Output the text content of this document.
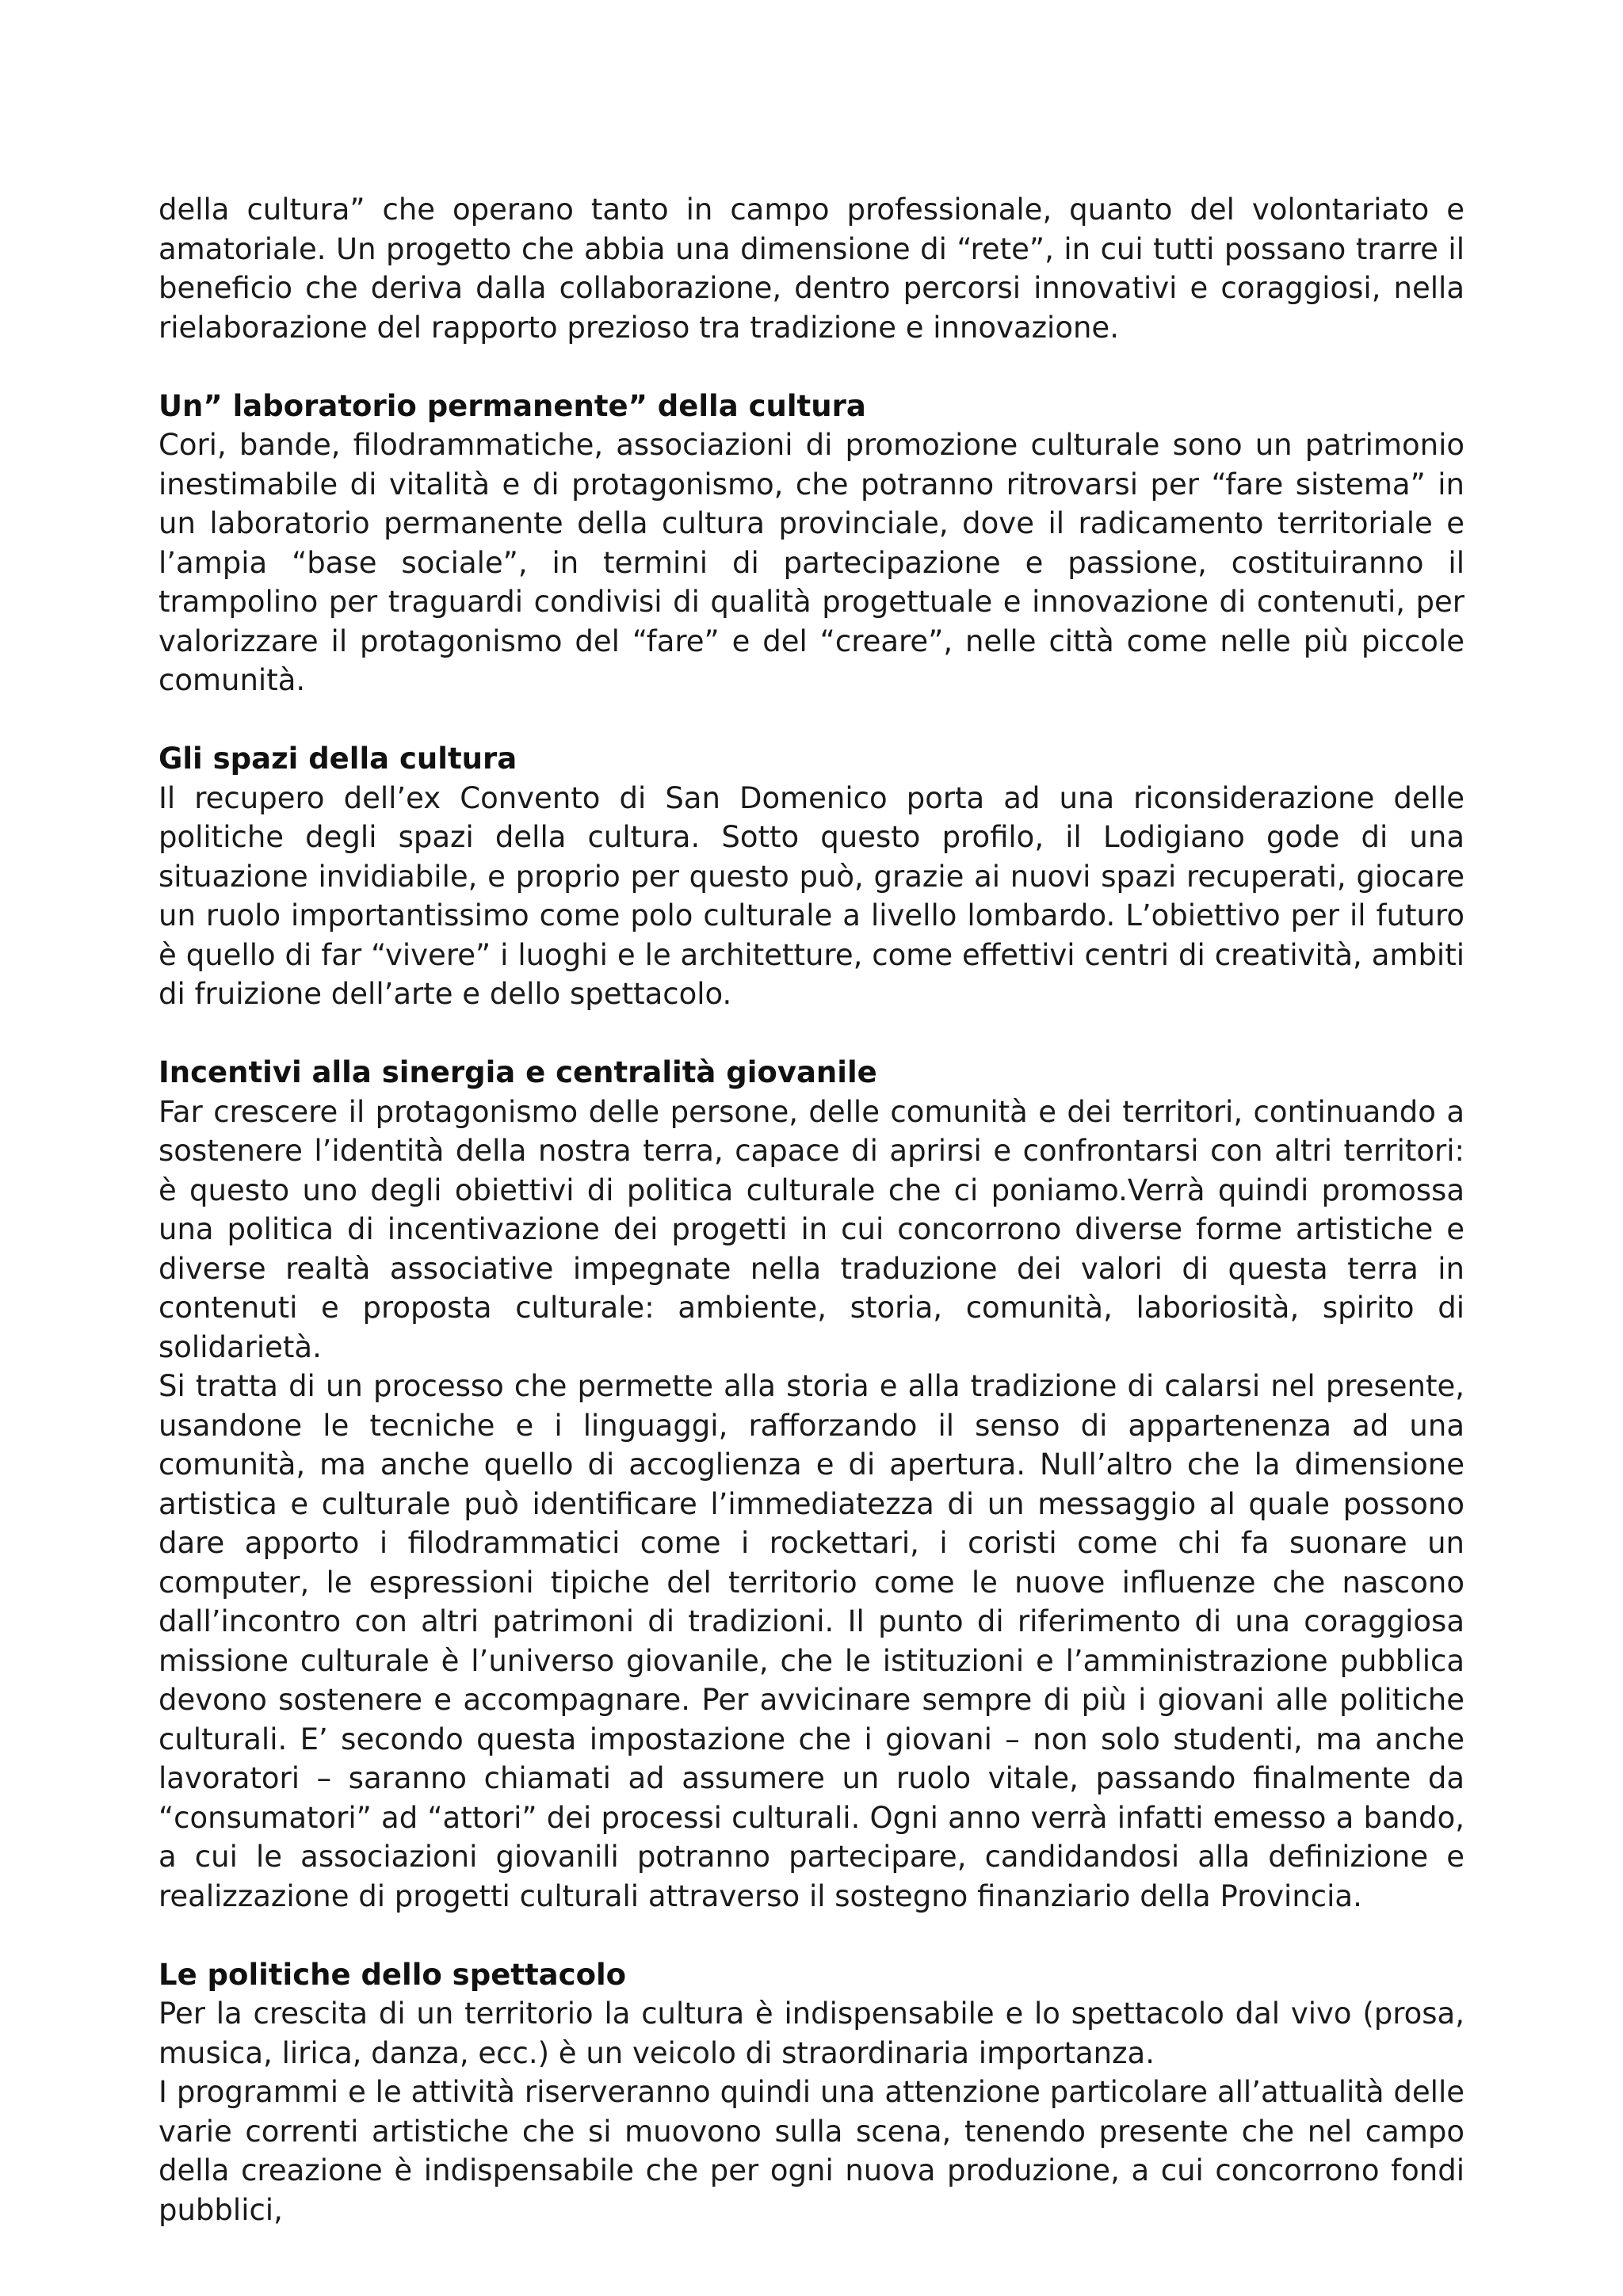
della cultura” che operano tanto in campo professionale, quanto del volontariato e amatoriale. Un progetto che abbia una dimensione di “rete”, in cui tutti possano trarre il beneficio che deriva dalla collaborazione, dentro percorsi innovativi e coraggiosi, nella rielaborazione del rapporto prezioso tra tradizione e innovazione.

Un” laboratorio permanente” della cultura

Cori, bande, filodrammatiche, associazioni di promozione culturale sono un patrimonio inestimabile di vitalità e di protagonismo, che potranno ritrovarsi per “fare sistema” in un laboratorio permanente della cultura provinciale, dove il radicamento territoriale e l’ampia “base sociale”, in termini di partecipazione e passione, costituiranno il trampolino per traguardi condivisi di qualità progettuale e innovazione di contenuti, per valorizzare il protagonismo del “fare” e del “creare”, nelle città come nelle più piccole comunità.

Gli spazi della cultura

Il recupero dell’ex Convento di San Domenico porta ad una riconsiderazione delle politiche degli spazi della cultura. Sotto questo profilo, il Lodigiano gode di una situazione invidiabile, e proprio per questo può, grazie ai nuovi spazi recuperati, giocare un ruolo importantissimo come polo culturale a livello lombardo. L’obiettivo per il futuro è quello di far “vivere” i luoghi e le architetture, come effettivi centri di creatività, ambiti di fruizione dell’arte e dello spettacolo.

Incentivi alla sinergia e centralità giovanile

Far crescere il protagonismo delle persone, delle comunità e dei territori, continuando a sostenere l’identità della nostra terra, capace di aprirsi e confrontarsi con altri territori: è questo uno degli obiettivi di politica culturale che ci poniamo.Verrà quindi promossa una politica di incentivazione dei progetti in cui concorrono diverse forme artistiche e diverse realtà associative impegnate nella traduzione dei valori di questa terra in contenuti e proposta culturale: ambiente, storia, comunità, laboriosità, spirito di solidarietà.

Si tratta di un processo che permette alla storia e alla tradizione di calarsi nel presente, usandone le tecniche e i linguaggi, rafforzando il senso di appartenenza ad una comunità, ma anche quello di accoglienza e di apertura. Null’altro che la dimensione artistica e culturale può identificare l’immediatezza di un messaggio al quale possono dare apporto i filodrammatici come i rockettari, i coristi come chi fa suonare un computer, le espressioni tipiche del territorio come le nuove influenze che nascono dall’incontro con altri patrimoni di tradizioni. Il punto di riferimento di una coraggiosa missione culturale è l’universo giovanile, che le istituzioni e l’amministrazione pubblica devono sostenere e accompagnare. Per avvicinare sempre di più i giovani alle politiche culturali. E’ secondo questa impostazione che i giovani – non solo studenti, ma anche lavoratori – saranno chiamati ad assumere un ruolo vitale, passando finalmente da “consumatori” ad “attori” dei processi culturali. Ogni anno verrà infatti emesso a bando, a cui le associazioni giovanili potranno partecipare, candidandosi alla definizione e realizzazione di progetti culturali attraverso il sostegno finanziario della Provincia.

Le politiche dello spettacolo

Per la crescita di un territorio la cultura è indispensabile e lo spettacolo dal vivo (prosa, musica, lirica, danza, ecc.) è un veicolo di straordinaria importanza.

I programmi e le attività riserveranno quindi una attenzione particolare all’attualità delle varie correnti artistiche che si muovono sulla scena, tenendo presente che nel campo della creazione è indispensabile che per ogni nuova produzione, a cui concorrono fondi pubblici,
